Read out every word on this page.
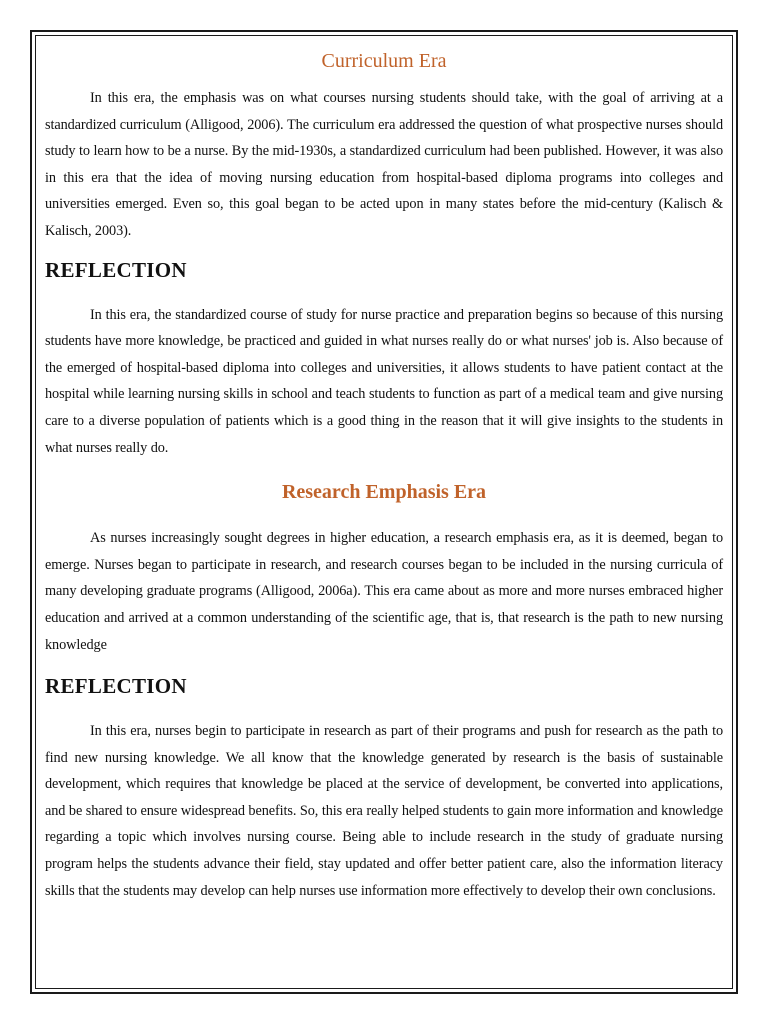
Curriculum Era

In this era, the emphasis was on what courses nursing students should take, with the goal of arriving at a standardized curriculum (Alligood, 2006). The curriculum era addressed the question of what prospective nurses should study to learn how to be a nurse. By the mid-1930s, a standardized curriculum had been published. However, it was also in this era that the idea of moving nursing education from hospital-based diploma programs into colleges and universities emerged. Even so, this goal began to be acted upon in many states before the mid-century (Kalisch & Kalisch, 2003).

REFLECTION

In this era, the standardized course of study for nurse practice and preparation begins so because of this nursing students have more knowledge, be practiced and guided in what nurses really do or what nurses' job is. Also because of the emerged of hospital-based diploma into colleges and universities, it allows students to have patient contact at the hospital while learning nursing skills in school and teach students to function as part of a medical team and give nursing care to a diverse population of patients which is a good thing in the reason that it will give insights to the students in what nurses really do.

Research Emphasis Era

As nurses increasingly sought degrees in higher education, a research emphasis era, as it is deemed, began to emerge. Nurses began to participate in research, and research courses began to be included in the nursing curricula of many developing graduate programs (Alligood, 2006a). This era came about as more and more nurses embraced higher education and arrived at a common understanding of the scientific age, that is, that research is the path to new nursing knowledge

REFLECTION

In this era, nurses begin to participate in research as part of their programs and push for research as the path to find new nursing knowledge. We all know that the knowledge generated by research is the basis of sustainable development, which requires that knowledge be placed at the service of development, be converted into applications, and be shared to ensure widespread benefits. So, this era really helped students to gain more information and knowledge regarding a topic which involves nursing course. Being able to include research in the study of graduate nursing program helps the students advance their field, stay updated and offer better patient care, also the information literacy skills that the students may develop can help nurses use information more effectively to develop their own conclusions.
